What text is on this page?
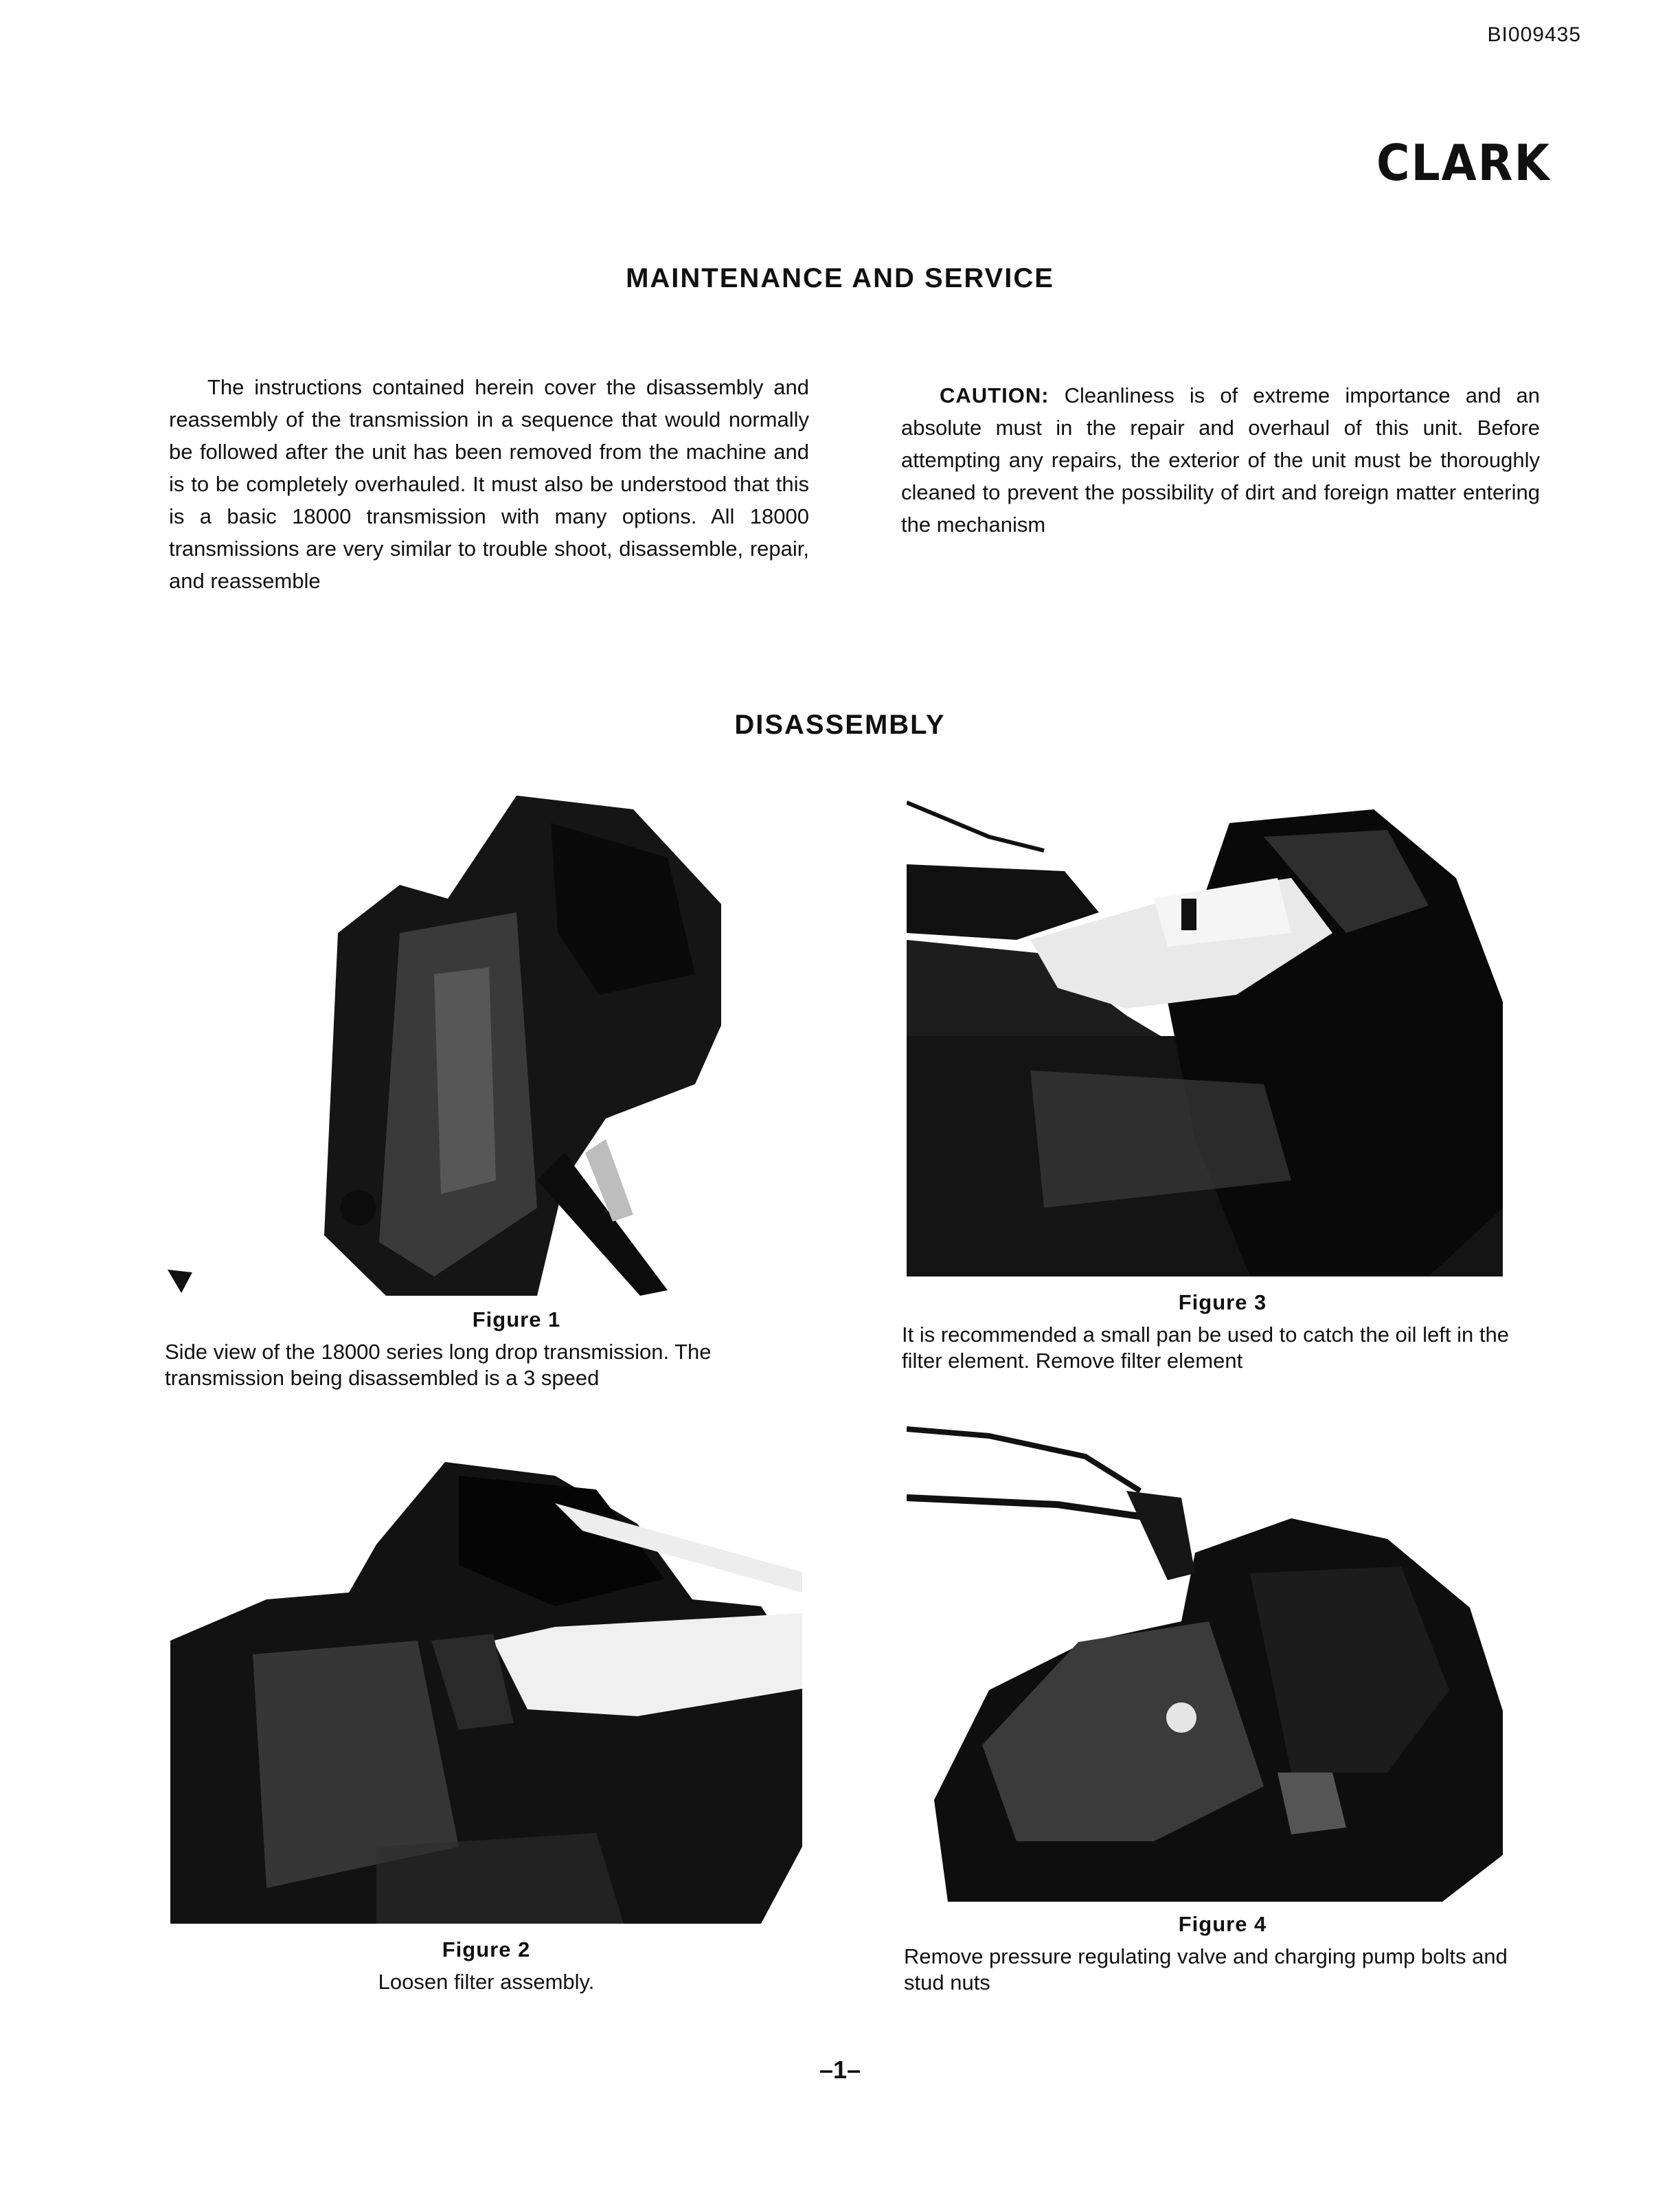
BI009435
CLARK
MAINTENANCE AND SERVICE
The instructions contained herein cover the disassembly and reassembly of the transmission in a sequence that would normally be followed after the unit has been removed from the machine and is to be completely overhauled. It must also be understood that this is a basic 18000 transmission with many options. All 18000 transmissions are very similar to trouble shoot, disassemble, repair, and reassemble
CAUTION: Cleanliness is of extreme importance and an absolute must in the repair and overhaul of this unit. Before attempting any repairs, the exterior of the unit must be thoroughly cleaned to prevent the possibility of dirt and foreign matter entering the mechanism
DISASSEMBLY
Figure 1
Side view of the 18000 series long drop transmission. The transmission being disassembled is a 3 speed
Figure 3
It is recommended a small pan be used to catch the oil left in the filter element. Remove filter element
Figure 2
Loosen filter assembly.
Figure 4
Remove pressure regulating valve and charging pump bolts and stud nuts
–1–
